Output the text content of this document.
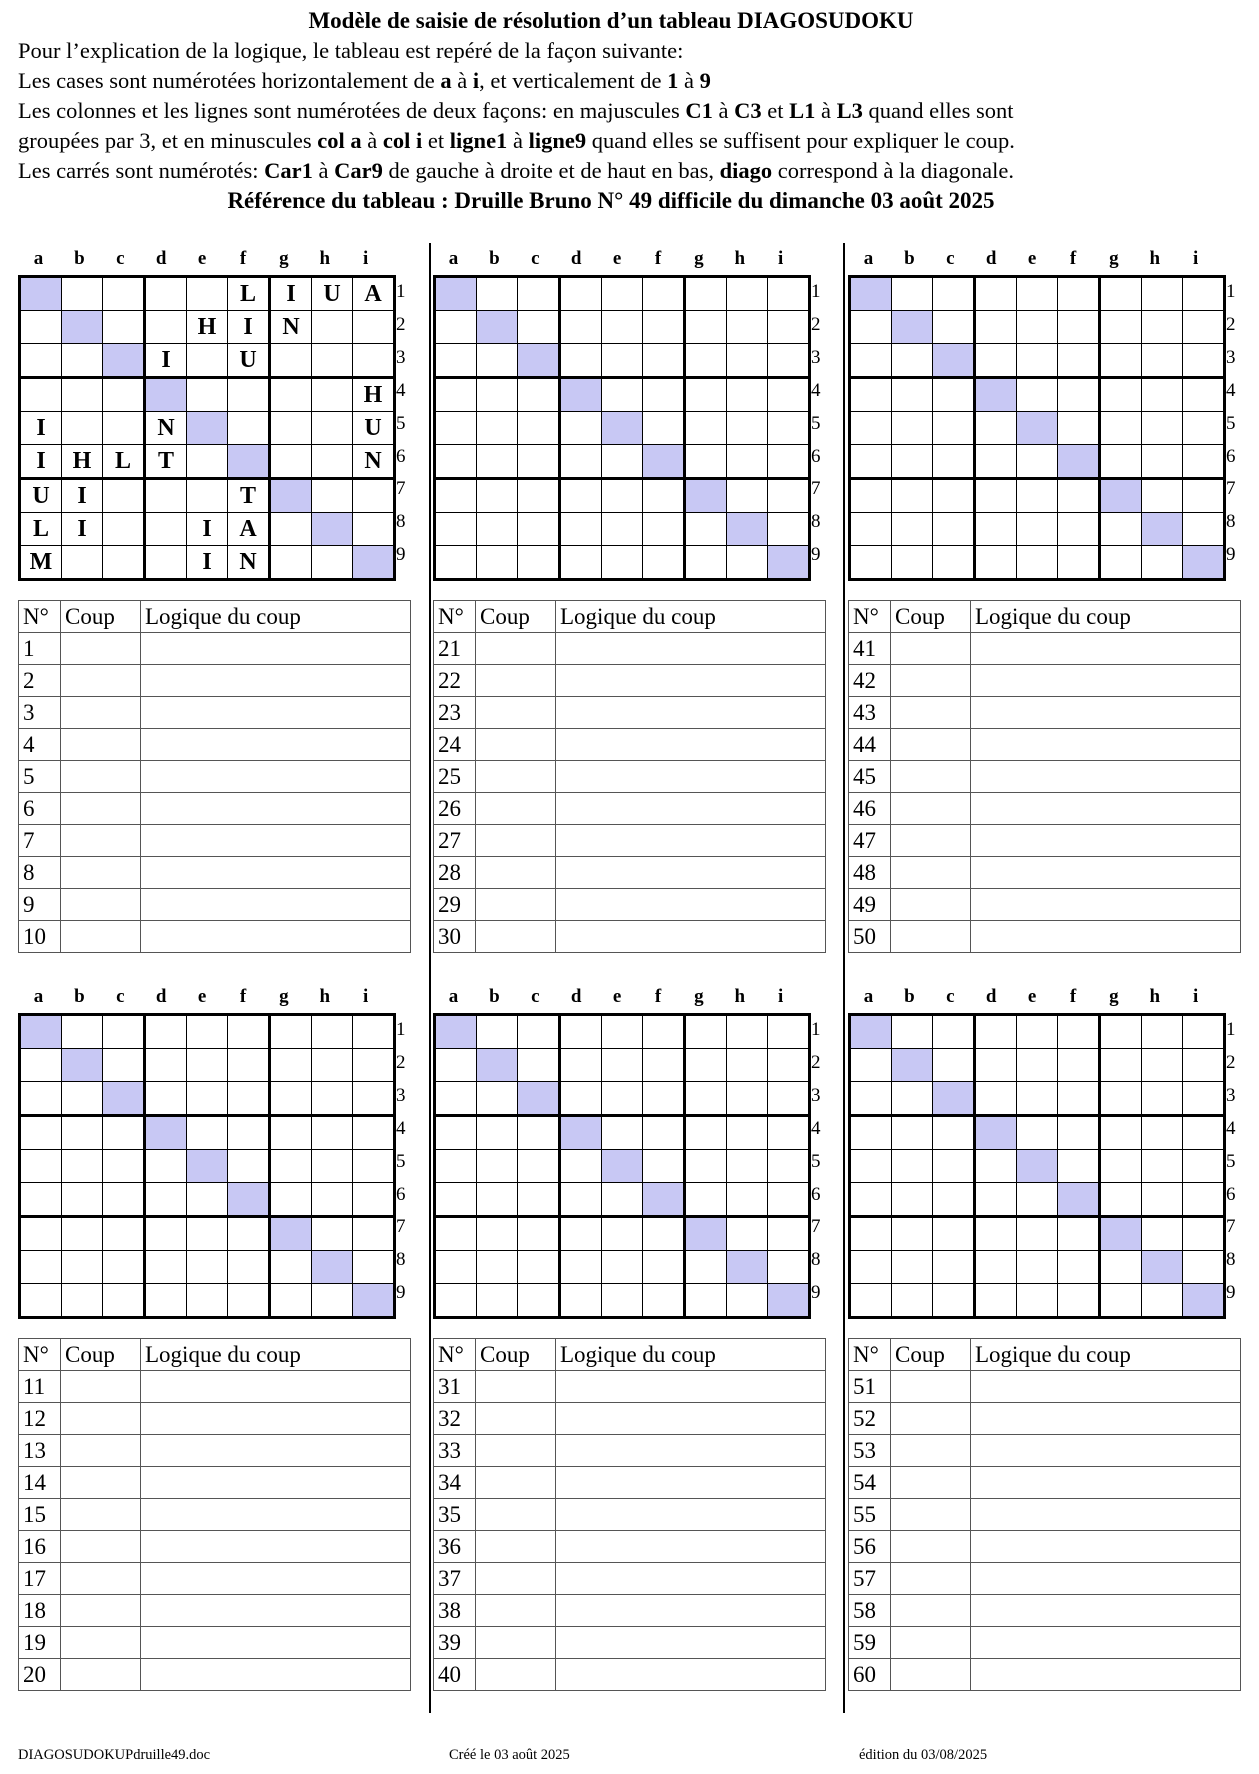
Modèle de saisie de résolution d’un tableau DIAGOSUDOKU
Pour l’explication de la logique, le tableau est repéré de la façon suivante:
Les cases sont numérotées horizontalement de a à i, et verticalement de 1 à 9
Les colonnes et les lignes sont numérotées de deux façons: en majuscules C1 à C3 et L1 à L3 quand elles sont
groupées par 3, et en minuscules col a à col i et ligne1 à ligne9 quand elles se suffisent pour expliquer le coup.
Les carrés sont numérotés: Car1 à Car9 de gauche à droite et de haut en bas, diago correspond à la diagonale.
Référence du tableau : Druille Bruno N° 49 difficile du dimanche 03 août 2025
a	b	c	d	e	f	g	h	i
1
2
3
4
5
6
7
8
9
					L	I	U	A
				H	I	N		
			I		U			
								H
I			N					U
I	H	L	T					N
U	I				T			
L	I			I	A			
M				I	N			
N°	Coup	Logique du coup
1		
2		
3		
4		
5		
6		
7		
8		
9		
10		
a	b	c	d	e	f	g	h	i
1
2
3
4
5
6
7
8
9

N°	Coup	Logique du coup
21		
22		
23		
24		
25		
26		
27		
28		
29		
30		
a	b	c	d	e	f	g	h	i
1
2
3
4
5
6
7
8
9

N°	Coup	Logique du coup
41		
42		
43		
44		
45		
46		
47		
48		
49		
50		
a	b	c	d	e	f	g	h	i
1
2
3
4
5
6
7
8
9

N°	Coup	Logique du coup
11		
12		
13		
14		
15		
16		
17		
18		
19		
20		
a	b	c	d	e	f	g	h	i
1
2
3
4
5
6
7
8
9

N°	Coup	Logique du coup
31		
32		
33		
34		
35		
36		
37		
38		
39		
40		
a	b	c	d	e	f	g	h	i
1
2
3
4
5
6
7
8
9

N°	Coup	Logique du coup
51		
52		
53		
54		
55		
56		
57		
58		
59		
60		
DIAGOSUDOKUPdruille49.doc	Créé le 03 août 2025	édition du 03/08/2025
